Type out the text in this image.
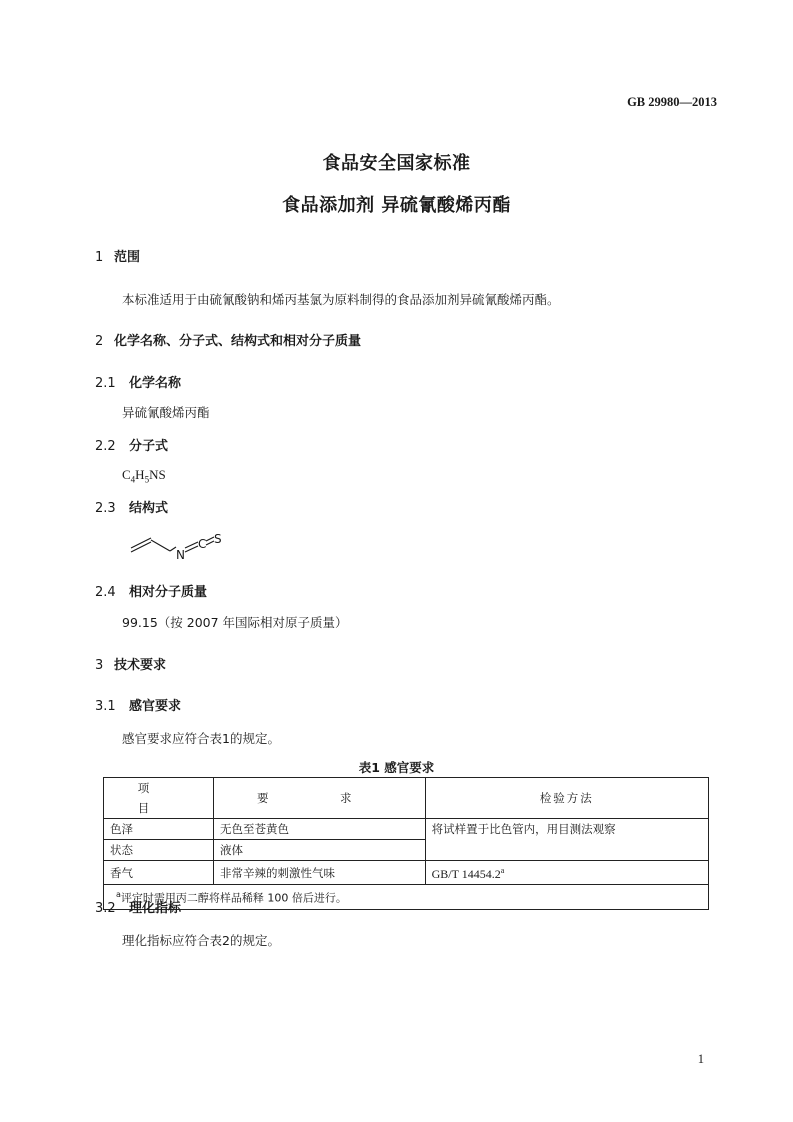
GB 29980—2013
食品安全国家标准
食品添加剂 异硫氰酸烯丙酯
1 范围
本标准适用于由硫氰酸钠和烯丙基氯为原料制得的食品添加剂异硫氰酸烯丙酯。
2 化学名称、分子式、结构式和相对分子质量
2.1 化学名称
异硫氰酸烯丙酯
2.2 分子式
$C_4H_5NS$
2.3 结构式
N
C S
2.4 相对分子质量
99.15（按 2007 年国际相对原子质量）
3 技术要求
3.1 感官要求
感官要求应符合表1的规定。
表1 感官要求
项　目	要　求	检验方法
色泽	无色至苍黄色	将试样置于比色管内，用目测法观察
状态	液体	
香气	非常辛辣的刺激性气味	GB/T 14454.2$^a$
$^a$评定时需用丙二醇将样品稀释 100 倍后进行。		
3.2 理化指标
理化指标应符合表2的规定。
1
